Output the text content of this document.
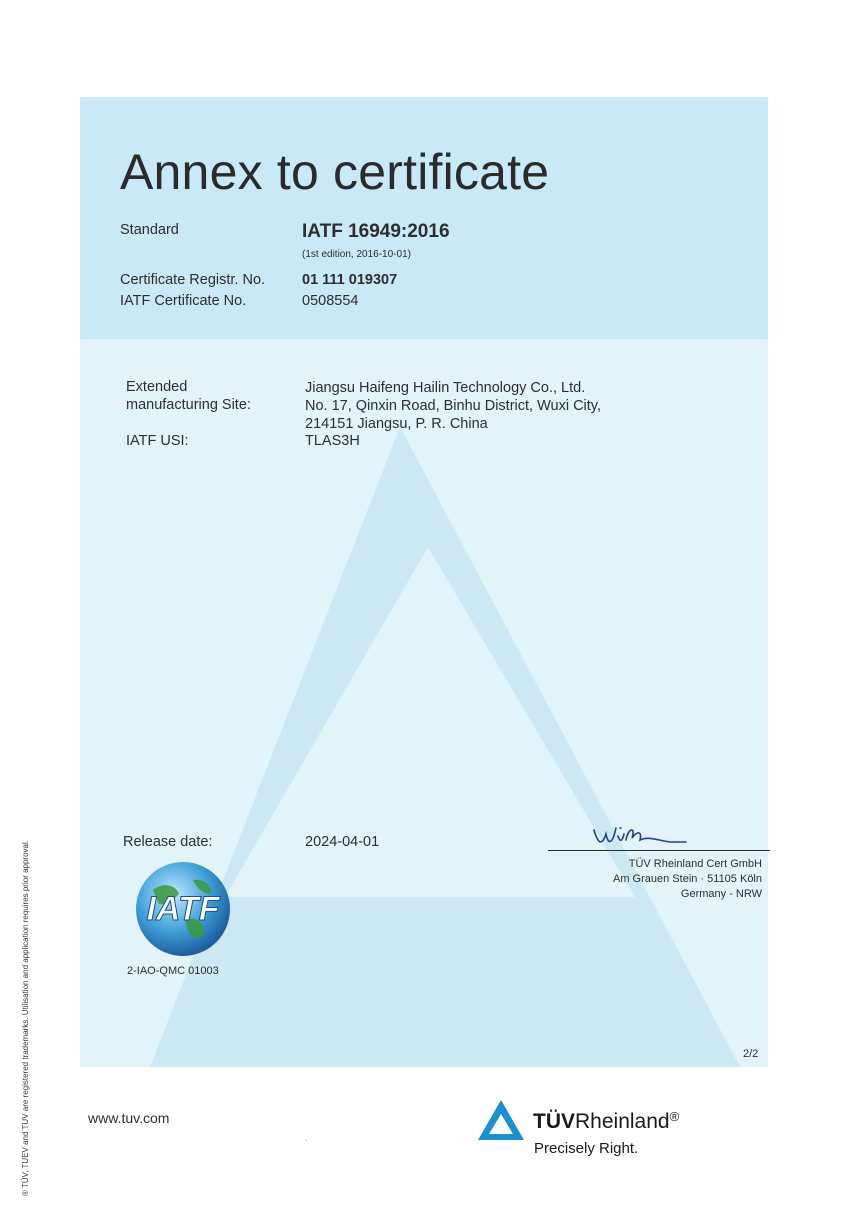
Annex to certificate
Standard	IATF 16949:2016
(1st edition, 2016-10-01)
Certificate Registr. No.	01 111 019307
IATF Certificate No.	0508554
Extended
manufacturing Site:
Jiangsu Haifeng Hailin Technology Co., Ltd.
No. 17, Qinxin Road, Binhu District, Wuxi City,
214151 Jiangsu, P. R. China
IATF USI:	TLAS3H
Release date:	2024-04-01
TÜV Rheinland Cert GmbH
Am Grauen Stein · 51105 Köln
Germany - NRW
IATF
2-IAO-QMC 01003
2/2
www.tuv.com	TÜVRheinland®
Precisely Right.
® TÜV, TUEV and TUV are registered trademarks. Utilisation and application requires prior approval.
